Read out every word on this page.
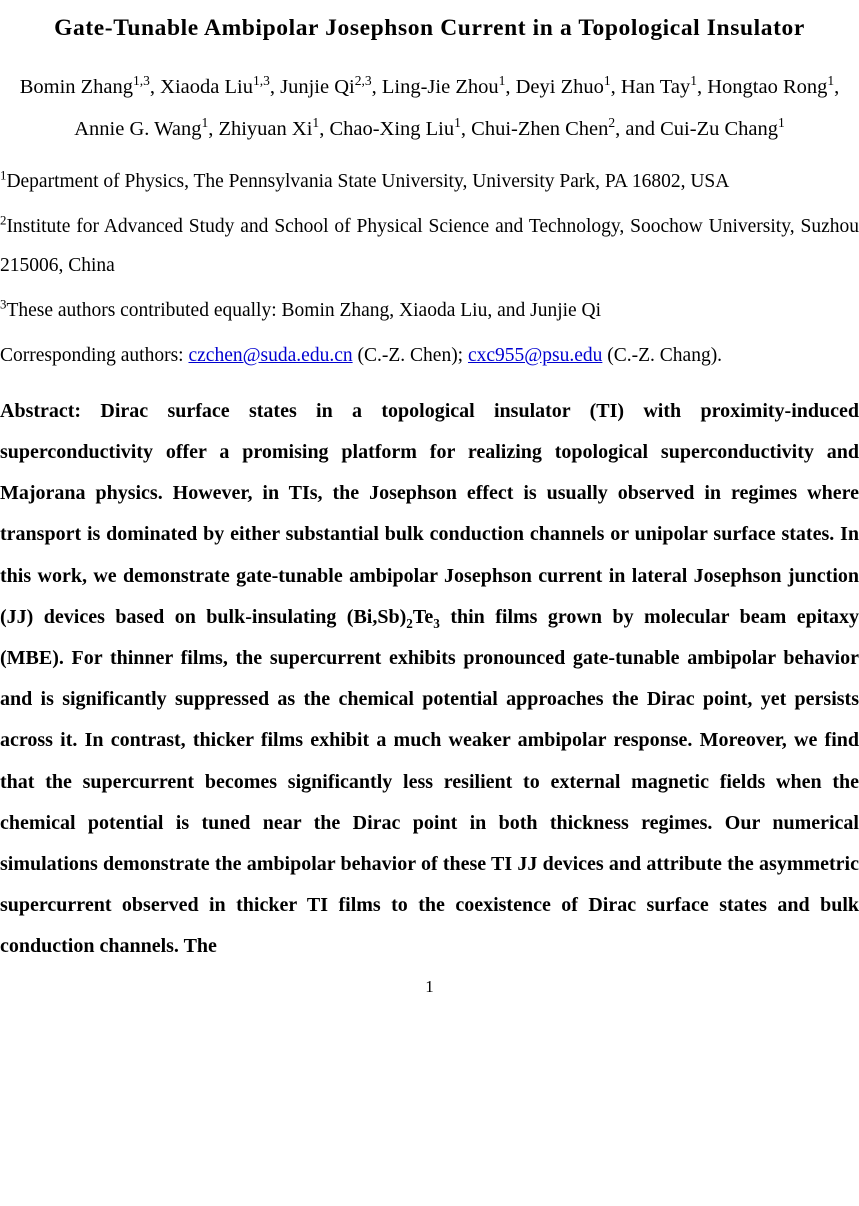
Gate-Tunable Ambipolar Josephson Current in a Topological Insulator
Bomin Zhang$^{1,3}$, Xiaoda Liu$^{1,3}$, Junjie Qi$^{2,3}$, Ling-Jie Zhou$^1$, Deyi Zhuo$^1$, Han Tay$^1$, Hongtao Rong$^1$, Annie G. Wang$^1$, Zhiyuan Xi$^1$, Chao-Xing Liu$^1$, Chui-Zhen Chen$^2$, and Cui-Zu Chang$^1$
$^1$Department of Physics, The Pennsylvania State University, University Park, PA 16802, USA
$^2$Institute for Advanced Study and School of Physical Science and Technology, Soochow University, Suzhou 215006, China
$^3$These authors contributed equally: Bomin Zhang, Xiaoda Liu, and Junjie Qi
Corresponding authors: czchen@suda.edu.cn (C.-Z. Chen); cxc955@psu.edu (C.-Z. Chang).
Abstract: Dirac surface states in a topological insulator (TI) with proximity-induced superconductivity offer a promising platform for realizing topological superconductivity and Majorana physics. However, in TIs, the Josephson effect is usually observed in regimes where transport is dominated by either substantial bulk conduction channels or unipolar surface states. In this work, we demonstrate gate-tunable ambipolar Josephson current in lateral Josephson junction (JJ) devices based on bulk-insulating $(Bi,Sb)_2Te_3$ thin films grown by molecular beam epitaxy (MBE). For thinner films, the supercurrent exhibits pronounced gate-tunable ambipolar behavior and is significantly suppressed as the chemical potential approaches the Dirac point, yet persists across it. In contrast, thicker films exhibit a much weaker ambipolar response. Moreover, we find that the supercurrent becomes significantly less resilient to external magnetic fields when the chemical potential is tuned near the Dirac point in both thickness regimes. Our numerical simulations demonstrate the ambipolar behavior of these TI JJ devices and attribute the asymmetric supercurrent observed in thicker TI films to the coexistence of Dirac surface states and bulk conduction channels. The
1
